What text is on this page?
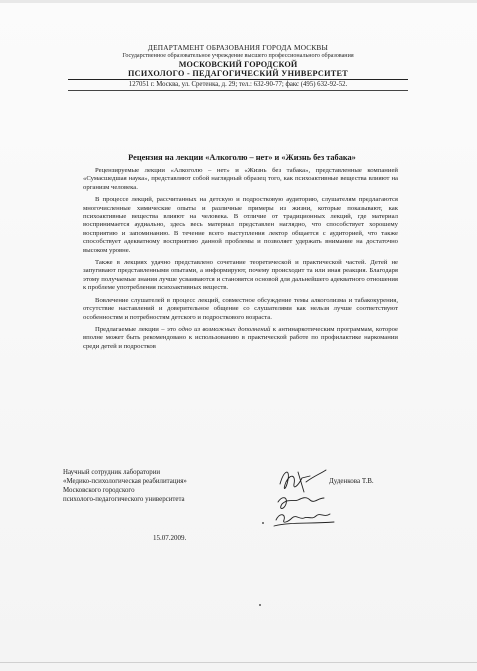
ДЕПАРТАМЕНТ ОБРАЗОВАНИЯ ГОРОДА МОСКВЫ
Государственное образовательное учреждение высшего профессионального образования
МОСКОВСКИЙ ГОРОДСКОЙ
ПСИХОЛОГО - ПЕДАГОГИЧЕСКИЙ УНИВЕРСИТЕТ
127051 г. Москва, ул. Сретенка, д. 29; тел.: 632-90-77; факс (495) 632-92-52.
Рецензия на лекции «Алкоголю – нет» и «Жизнь без табака»

Рецензируемые лекции «Алкоголю – нет» и «Жизнь без табака», представленные компанией «Сумасшедшая наука», представляют собой наглядный образец того, как психоактивные вещества влияют на организм человека.

В процессе лекций, рассчитанных на детскую и подростковую аудиторию, слушателям предлагаются многочисленные химические опыты и различные примеры из жизни, которые показывают, как психоактивные вещества влияют на человека. В отличие от традиционных лекций, где материал воспринимается аудиально, здесь весь материал представлен наглядно, что способствует хорошему восприятию и запоминанию. В течение всего выступления лектор общается с аудиторией, что также способствует адекватному восприятию данной проблемы и позволяет удержать внимание на достаточно высоком уровне.

Также в лекциях удачно представлено сочетание теоретической и практической частей. Детей не запугивают представленными опытами, а информируют, почему происходит та или иная реакция. Благодаря этому получаемые знания лучше усваиваются и становятся основой для дальнейшего адекватного отношения к проблеме употребления психоактивных веществ.

Вовлечение слушателей в процесс лекций, совместное обсуждение темы алкоголизма и табакокурения, отсутствие наставлений и доверительное общение со слушателями как нельзя лучше соответствуют особенностям и потребностям детского и подросткового возраста.

Предлагаемые лекции – это одно из возможных дополнений к антинаркотическим программам, которое вполне может быть рекомендовано к использованию в практической работе по профилактике наркомании среди детей и подростков

Научный сотрудник лаборатории
«Медико-психологическая реабилитация»
Московского городского
психолого-педагогического университета
Дуденкова Т.В.
15.07.2009.
